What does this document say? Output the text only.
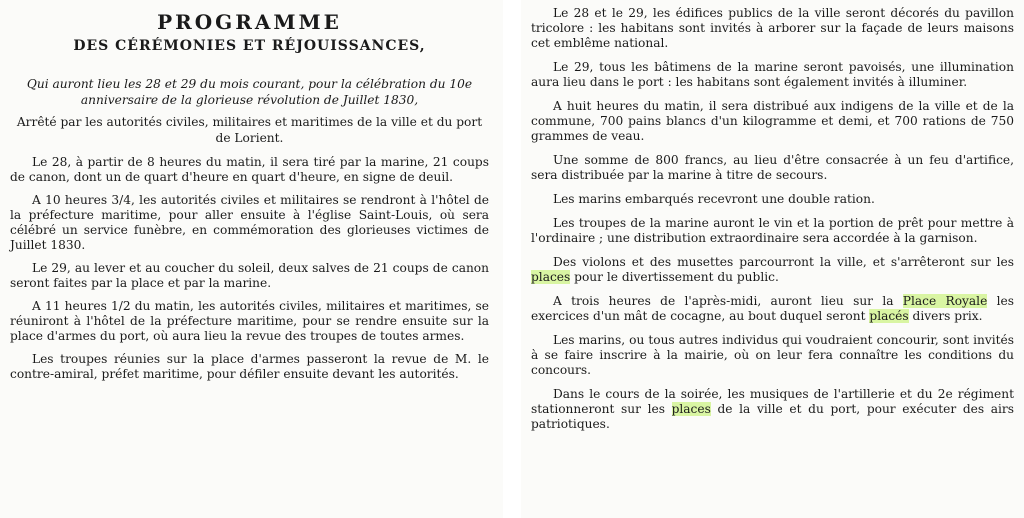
PROGRAMME
DES CÉRÉMONIES ET RÉJOUISSANCES,
Qui auront lieu les 28 et 29 du mois courant, pour la célébration du 10e anniversaire de la glorieuse révolution de Juillet 1830,
Arrêté par les autorités civiles, militaires et maritimes de la ville et du port de Lorient.

Le 28, à partir de 8 heures du matin, il sera tiré par la marine, 21 coups de canon, dont un de quart d'heure en quart d'heure, en signe de deuil.

A 10 heures 3/4, les autorités civiles et militaires se rendront à l'hôtel de la préfecture maritime, pour aller ensuite à l'église Saint-Louis, où sera célébré un service funèbre, en commémoration des glorieuses victimes de Juillet 1830.

Le 29, au lever et au coucher du soleil, deux salves de 21 coups de canon seront faites par la place et par la marine.

A 11 heures 1/2 du matin, les autorités civiles, militaires et maritimes, se réuniront à l'hôtel de la préfecture maritime, pour se rendre ensuite sur la place d'armes du port, où aura lieu la revue des troupes de toutes armes.

Les troupes réunies sur la place d'armes passeront la revue de M. le contre-amiral, préfet maritime, pour défiler ensuite devant les autorités.

Le 28 et le 29, les édifices publics de la ville seront décorés du pavillon tricolore : les habitans sont invités à arborer sur la façade de leurs maisons cet emblême national.

Le 29, tous les bâtimens de la marine seront pavoisés, une illumination aura lieu dans le port : les habitans sont également invités à illuminer.

A huit heures du matin, il sera distribué aux indigens de la ville et de la commune, 700 pains blancs d'un kilogramme et demi, et 700 rations de 750 grammes de veau.

Une somme de 800 francs, au lieu d'être consacrée à un feu d'artifice, sera distribuée par la marine à titre de secours.

Les marins embarqués recevront une double ration.

Les troupes de la marine auront le vin et la portion de prêt pour mettre à l'ordinaire ; une distribution extraordinaire sera accordée à la garnison.

Des violons et des musettes parcourront la ville, et s'arrêteront sur les places pour le divertissement du public.

A trois heures de l'après-midi, auront lieu sur la Place Royale les exercices d'un mât de cocagne, au bout duquel seront placés divers prix.

Les marins, ou tous autres individus qui voudraient concourir, sont invités à se faire inscrire à la mairie, où on leur fera connaître les conditions du concours.

Dans le cours de la soirée, les musiques de l'artillerie et du 2e régiment stationneront sur les places de la ville et du port, pour exécuter des airs patriotiques.
